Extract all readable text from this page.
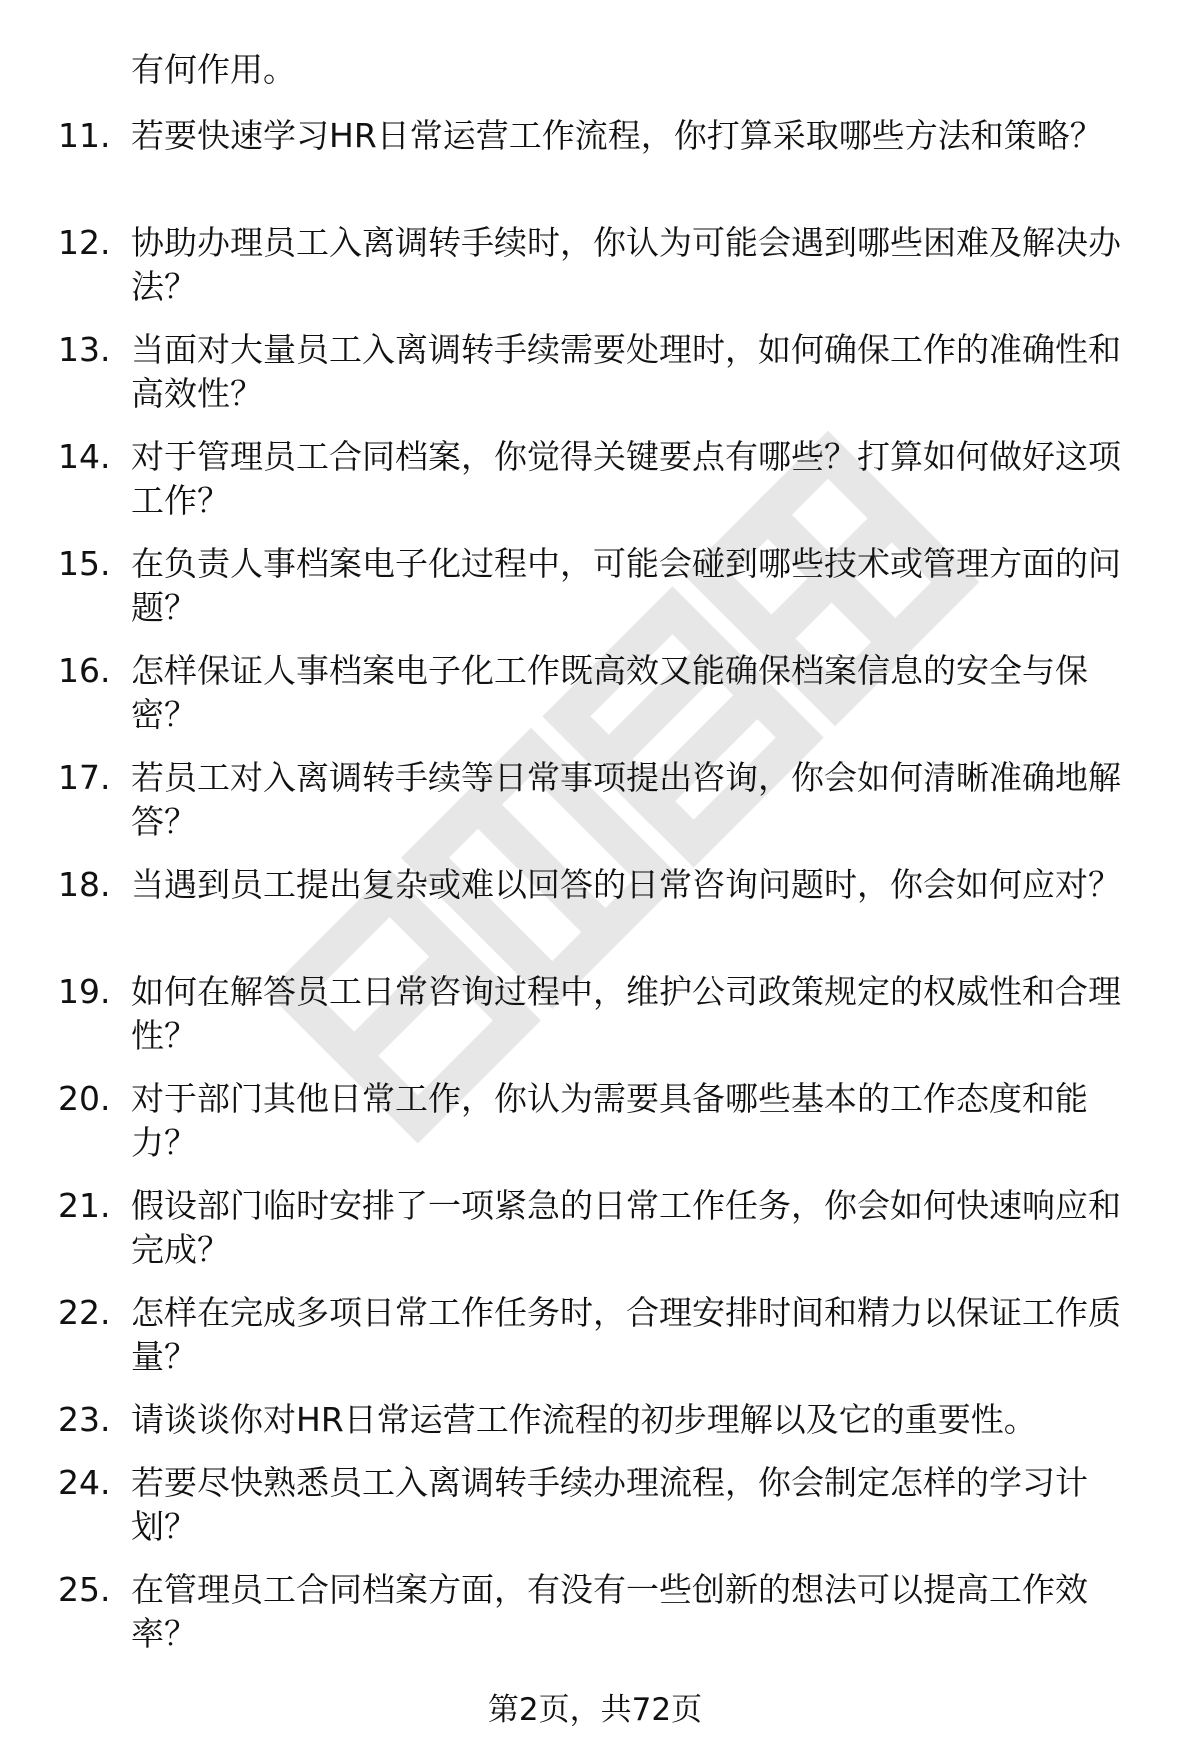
有何作用。
11. 若要快速学习HR日常运营工作流程，你打算采取哪些方法和策略？
12. 协助办理员工入离调转手续时，你认为可能会遇到哪些困难及解决办法？
13. 当面对大量员工入离调转手续需要处理时，如何确保工作的准确性和高效性？
14. 对于管理员工合同档案，你觉得关键要点有哪些？打算如何做好这项工作？
15. 在负责人事档案电子化过程中，可能会碰到哪些技术或管理方面的问题？
16. 怎样保证人事档案电子化工作既高效又能确保档案信息的安全与保密？
17. 若员工对入离调转手续等日常事项提出咨询，你会如何清晰准确地解答？
18. 当遇到员工提出复杂或难以回答的日常咨询问题时，你会如何应对？
19. 如何在解答员工日常咨询过程中，维护公司政策规定的权威性和合理性？
20. 对于部门其他日常工作，你认为需要具备哪些基本的工作态度和能力？
21. 假设部门临时安排了一项紧急的日常工作任务，你会如何快速响应和完成？
22. 怎样在完成多项日常工作任务时，合理安排时间和精力以保证工作质量？
23. 请谈谈你对HR日常运营工作流程的初步理解以及它的重要性。
24. 若要尽快熟悉员工入离调转手续办理流程，你会制定怎样的学习计划？
25. 在管理员工合同档案方面，有没有一些创新的想法可以提高工作效率？
第2页，共72页
